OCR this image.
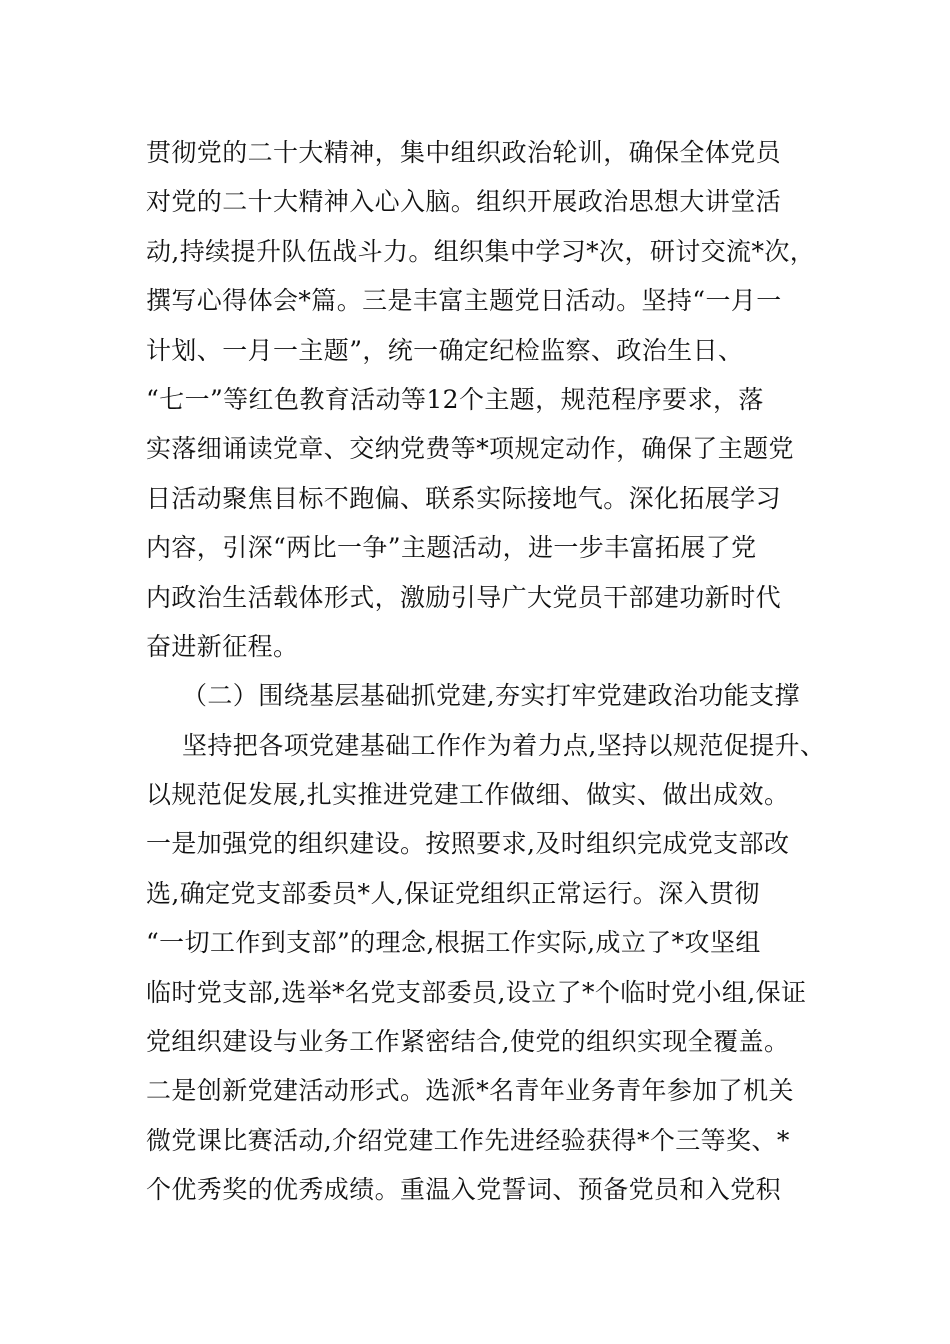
贯彻党的二十大精神，集中组织政治轮训，确保全体党员
对党的二十大精神入心入脑。组织开展政治思想大讲堂活
动,持续提升队伍战斗力。组织集中学习*次，研讨交流*次，
撰写心得体会*篇。三是丰富主题党日活动。坚持“一月一
计划、一月一主题”，统一确定纪检监察、政治生日、
“七一”等红色教育活动等12个主题，规范程序要求，落
实落细诵读党章、交纳党费等*项规定动作，确保了主题党
日活动聚焦目标不跑偏、联系实际接地气。深化拓展学习
内容，引深“两比一争”主题活动，进一步丰富拓展了党
内政治生活载体形式，激励引导广大党员干部建功新时代
奋进新征程。
（二）围绕基层基础抓党建,夯实打牢党建政治功能支撑
坚持把各项党建基础工作作为着力点,坚持以规范促提升、
以规范促发展,扎实推进党建工作做细、做实、做出成效。
一是加强党的组织建设。按照要求,及时组织完成党支部改
选,确定党支部委员*人,保证党组织正常运行。深入贯彻
“一切工作到支部”的理念,根据工作实际,成立了*攻坚组
临时党支部,选举*名党支部委员,设立了*个临时党小组,保证
党组织建设与业务工作紧密结合,使党的组织实现全覆盖。
二是创新党建活动形式。选派*名青年业务青年参加了机关
微党课比赛活动,介绍党建工作先进经验获得*个三等奖、*
个优秀奖的优秀成绩。重温入党誓词、预备党员和入党积
